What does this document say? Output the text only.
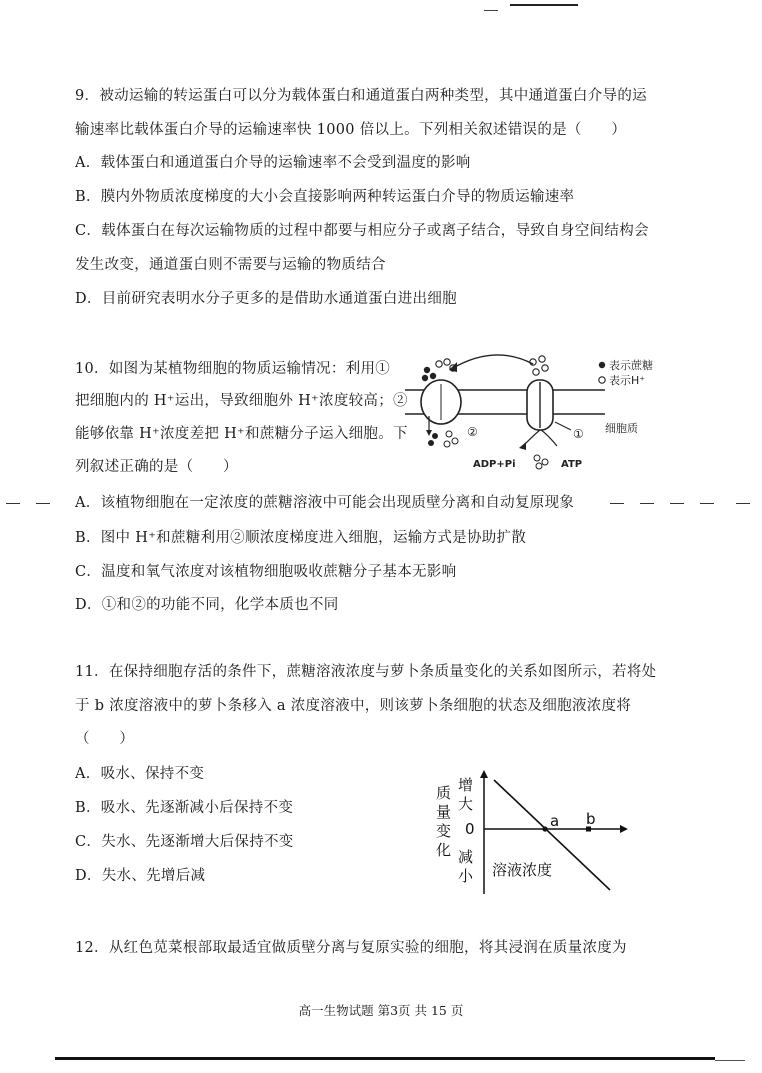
9．被动运输的转运蛋白可以分为载体蛋白和通道蛋白两种类型，其中通道蛋白介导的运
输速率比载体蛋白介导的运输速率快 1000 倍以上。下列相关叙述错误的是（　　）
A．载体蛋白和通道蛋白介导的运输速率不会受到温度的影响
B．膜内外物质浓度梯度的大小会直接影响两种转运蛋白介导的物质运输速率
C．载体蛋白在每次运输物质的过程中都要与相应分子或离子结合，导致自身空间结构会
发生改变，通道蛋白则不需要与运输的物质结合
D．目前研究表明水分子更多的是借助水通道蛋白进出细胞
10．如图为某植物细胞的物质运输情况：利用①
把细胞内的 H⁺运出，导致细胞外 H⁺浓度较高；②
能够依靠 H⁺浓度差把 H⁺和蔗糖分子运入细胞。下
列叙述正确的是（　　）
②
ADP+Pi	ATP
①
表示蔗糖
表示H⁺
细胞质
A．该植物细胞在一定浓度的蔗糖溶液中可能会出现质壁分离和自动复原现象
B．图中 H⁺和蔗糖利用②顺浓度梯度进入细胞，运输方式是协助扩散
C．温度和氧气浓度对该植物细胞吸收蔗糖分子基本无影响
D．①和②的功能不同，化学本质也不同
11．在保持细胞存活的条件下，蔗糖溶液浓度与萝卜条质量变化的关系如图所示，若将处
于 b 浓度溶液中的萝卜条移入 a 浓度溶液中，则该萝卜条细胞的状态及细胞液浓度将
（　　）
A．吸水、保持不变
B．吸水、先逐渐减小后保持不变
C．失水、先逐渐增大后保持不变
D．失水、先增后减
质量变化
增大
减小
0	a b
溶液浓度
12．从红色苋菜根部取最适宜做质壁分离与复原实验的细胞，将其浸润在质量浓度为
高一生物试题 第3页 共 15 页
